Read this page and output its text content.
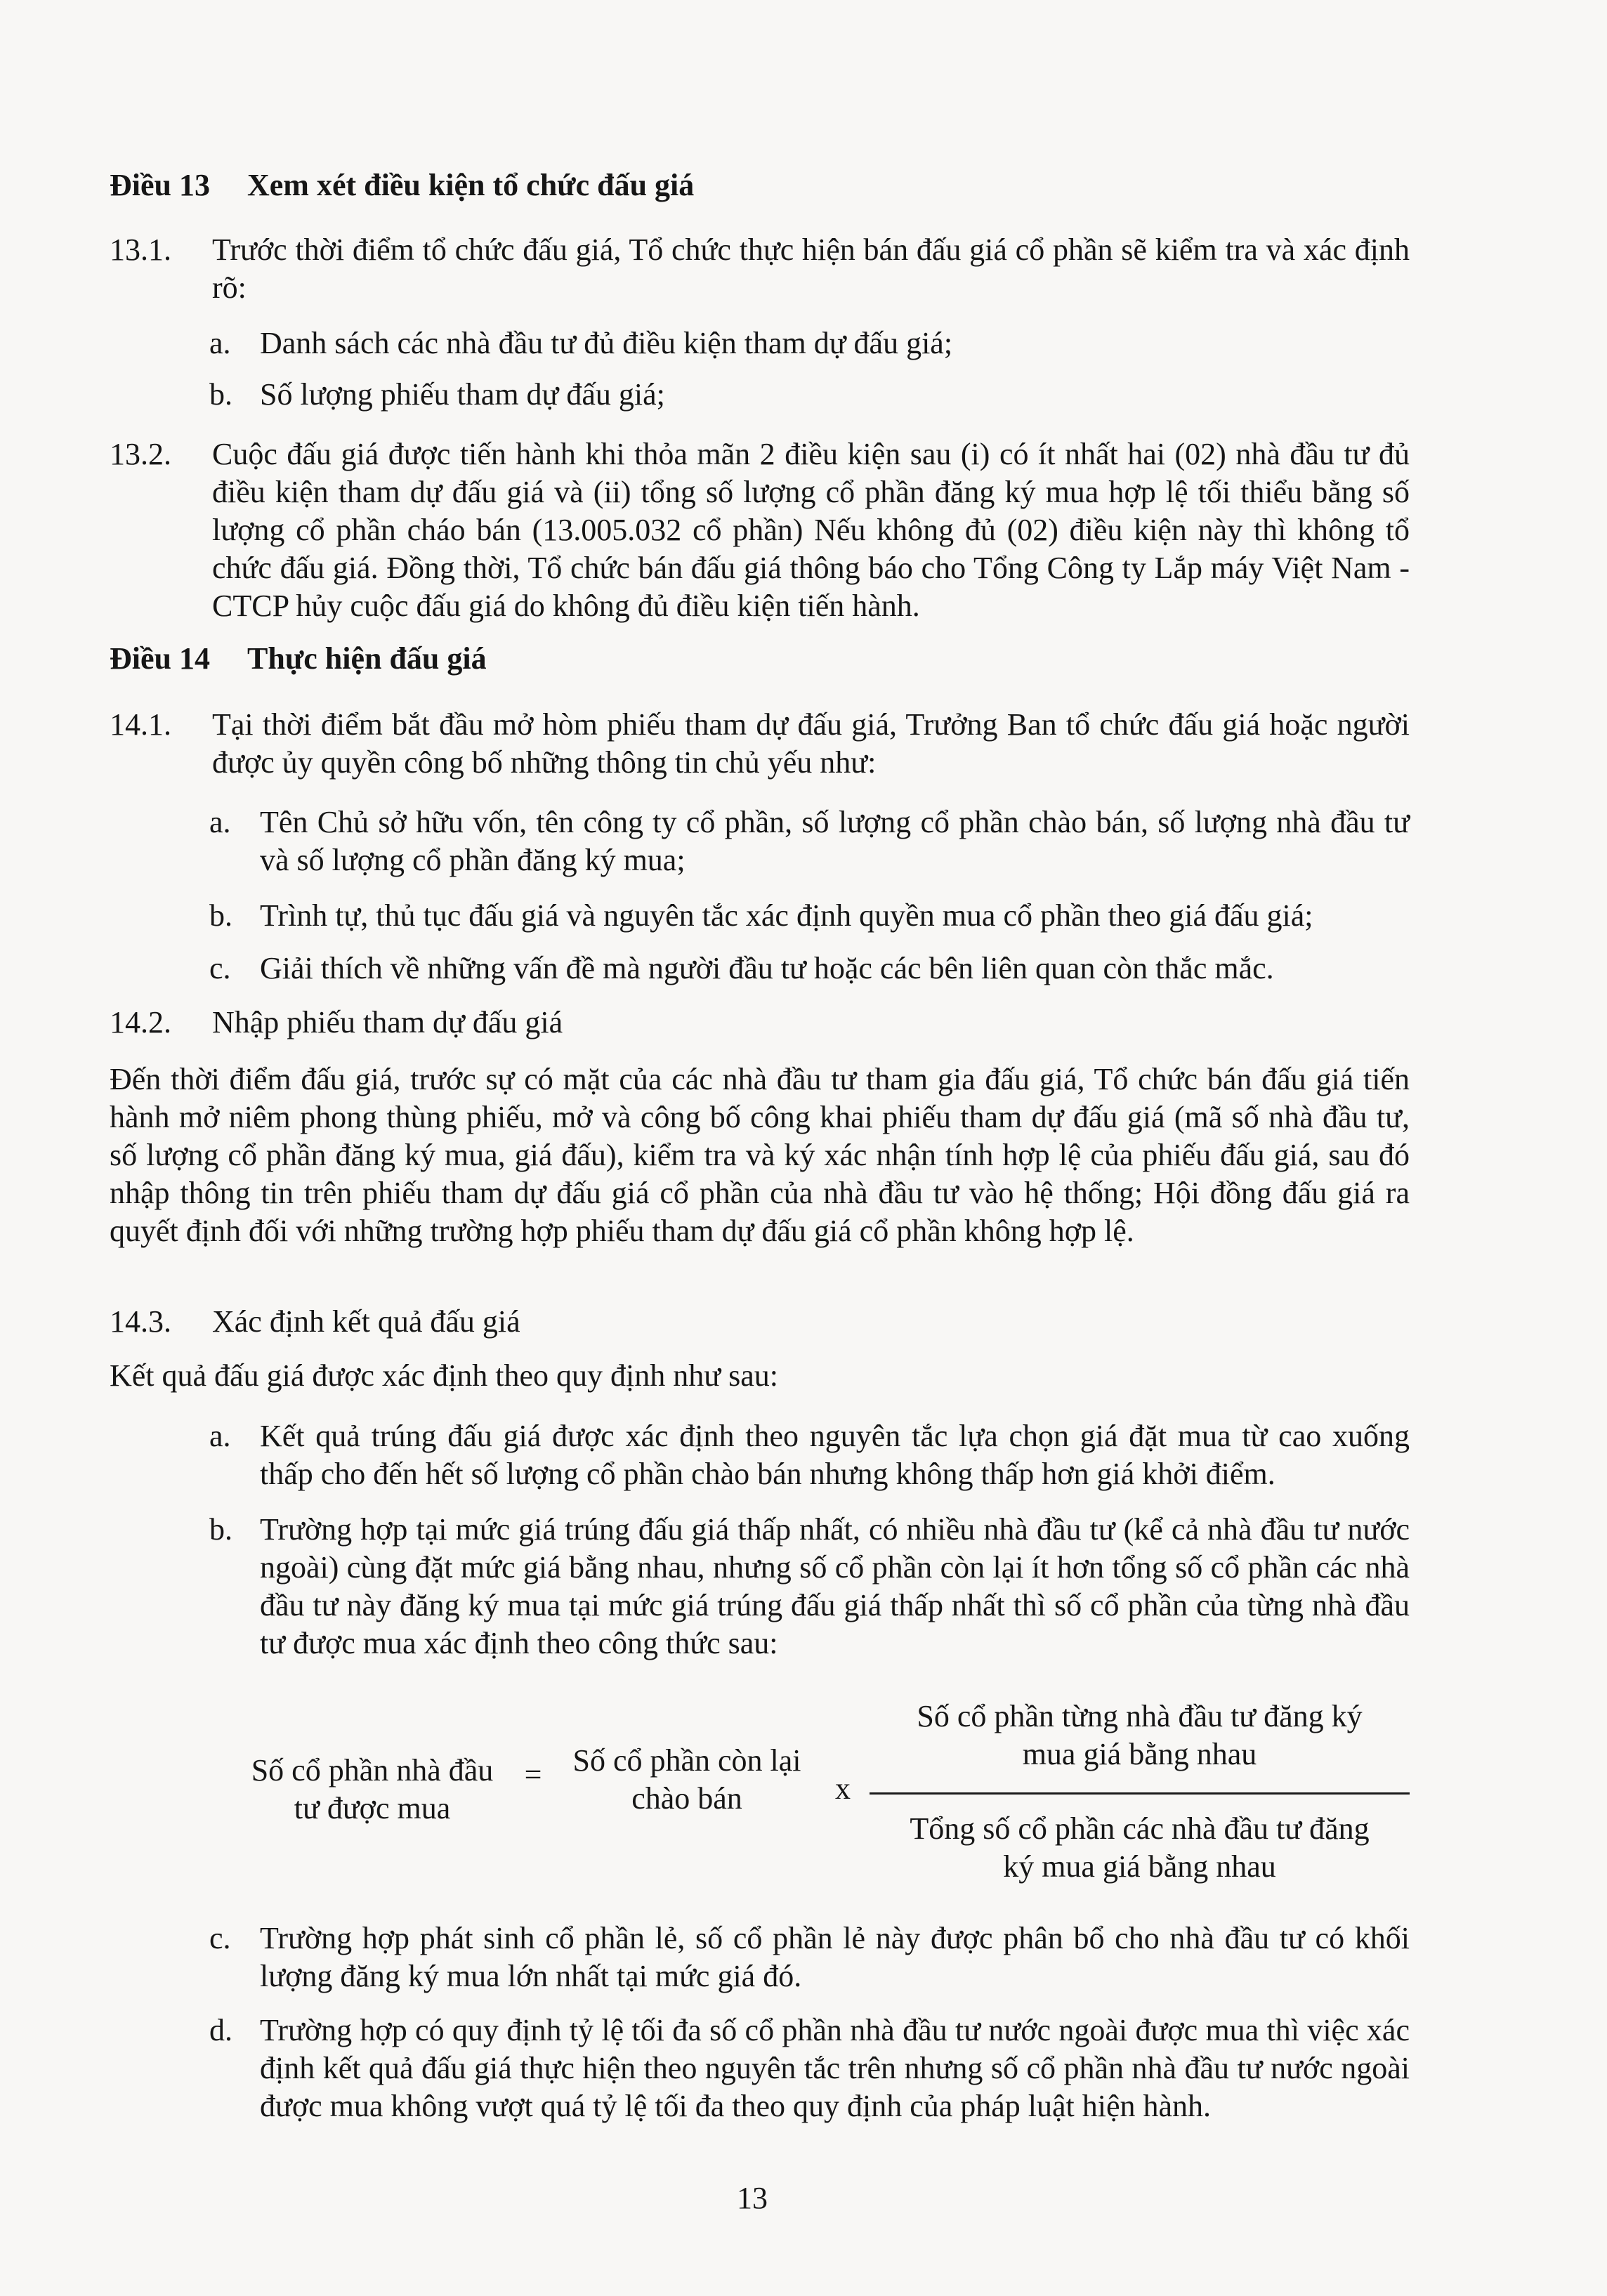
Điều 13 Xem xét điều kiện tổ chức đấu giá
13.1. Trước thời điểm tổ chức đấu giá, Tổ chức thực hiện bán đấu giá cổ phần sẽ kiểm tra và xác định rõ:

a. Danh sách các nhà đầu tư đủ điều kiện tham dự đấu giá;

b. Số lượng phiếu tham dự đấu giá;

13.2. Cuộc đấu giá được tiến hành khi thỏa mãn 2 điều kiện sau (i) có ít nhất hai (02) nhà đầu tư đủ điều kiện tham dự đấu giá và (ii) tổng số lượng cổ phần đăng ký mua hợp lệ tối thiểu bằng số lượng cổ phần cháo bán (13.005.032 cổ phần) Nếu không đủ (02) điều kiện này thì không tổ chức đấu giá. Đồng thời, Tổ chức bán đấu giá thông báo cho Tổng Công ty Lắp máy Việt Nam - CTCP hủy cuộc đấu giá do không đủ điều kiện tiến hành.

Điều 14 Thực hiện đấu giá
14.1. Tại thời điểm bắt đầu mở hòm phiếu tham dự đấu giá, Trưởng Ban tổ chức đấu giá hoặc người được ủy quyền công bố những thông tin chủ yếu như:

a. Tên Chủ sở hữu vốn, tên công ty cổ phần, số lượng cổ phần chào bán, số lượng nhà đầu tư và số lượng cổ phần đăng ký mua;

b. Trình tự, thủ tục đấu giá và nguyên tắc xác định quyền mua cổ phần theo giá đấu giá;

c. Giải thích về những vấn đề mà người đầu tư hoặc các bên liên quan còn thắc mắc.

14.2. Nhập phiếu tham dự đấu giá

Đến thời điểm đấu giá, trước sự có mặt của các nhà đầu tư tham gia đấu giá, Tổ chức bán đấu giá tiến hành mở niêm phong thùng phiếu, mở và công bố công khai phiếu tham dự đấu giá (mã số nhà đầu tư, số lượng cổ phần đăng ký mua, giá đấu), kiểm tra và ký xác nhận tính hợp lệ của phiếu đấu giá, sau đó nhập thông tin trên phiếu tham dự đấu giá cổ phần của nhà đầu tư vào hệ thống; Hội đồng đấu giá ra quyết định đối với những trường hợp phiếu tham dự đấu giá cổ phần không hợp lệ.

14.3. Xác định kết quả đấu giá

Kết quả đấu giá được xác định theo quy định như sau:

a. Kết quả trúng đấu giá được xác định theo nguyên tắc lựa chọn giá đặt mua từ cao xuống thấp cho đến hết số lượng cổ phần chào bán nhưng không thấp hơn giá khởi điểm.

b. Trường hợp tại mức giá trúng đấu giá thấp nhất, có nhiều nhà đầu tư (kể cả nhà đầu tư nước ngoài) cùng đặt mức giá bằng nhau, nhưng số cổ phần còn lại ít hơn tổng số cổ phần các nhà đầu tư này đăng ký mua tại mức giá trúng đấu giá thấp nhất thì số cổ phần của từng nhà đầu tư được mua xác định theo công thức sau:

Số cổ phần nhà đầu
tư được mua
=	Số cổ phần còn lại
chào bán	x
Số cổ phần từng nhà đầu tư đăng ký
mua giá bằng nhau
Tổng số cổ phần các nhà đầu tư đăng
ký mua giá bằng nhau
c. Trường hợp phát sinh cổ phần lẻ, số cổ phần lẻ này được phân bổ cho nhà đầu tư có khối lượng đăng ký mua lớn nhất tại mức giá đó.

d. Trường hợp có quy định tỷ lệ tối đa số cổ phần nhà đầu tư nước ngoài được mua thì việc xác định kết quả đấu giá thực hiện theo nguyên tắc trên nhưng số cổ phần nhà đầu tư nước ngoài được mua không vượt quá tỷ lệ tối đa theo quy định của pháp luật hiện hành.

13
